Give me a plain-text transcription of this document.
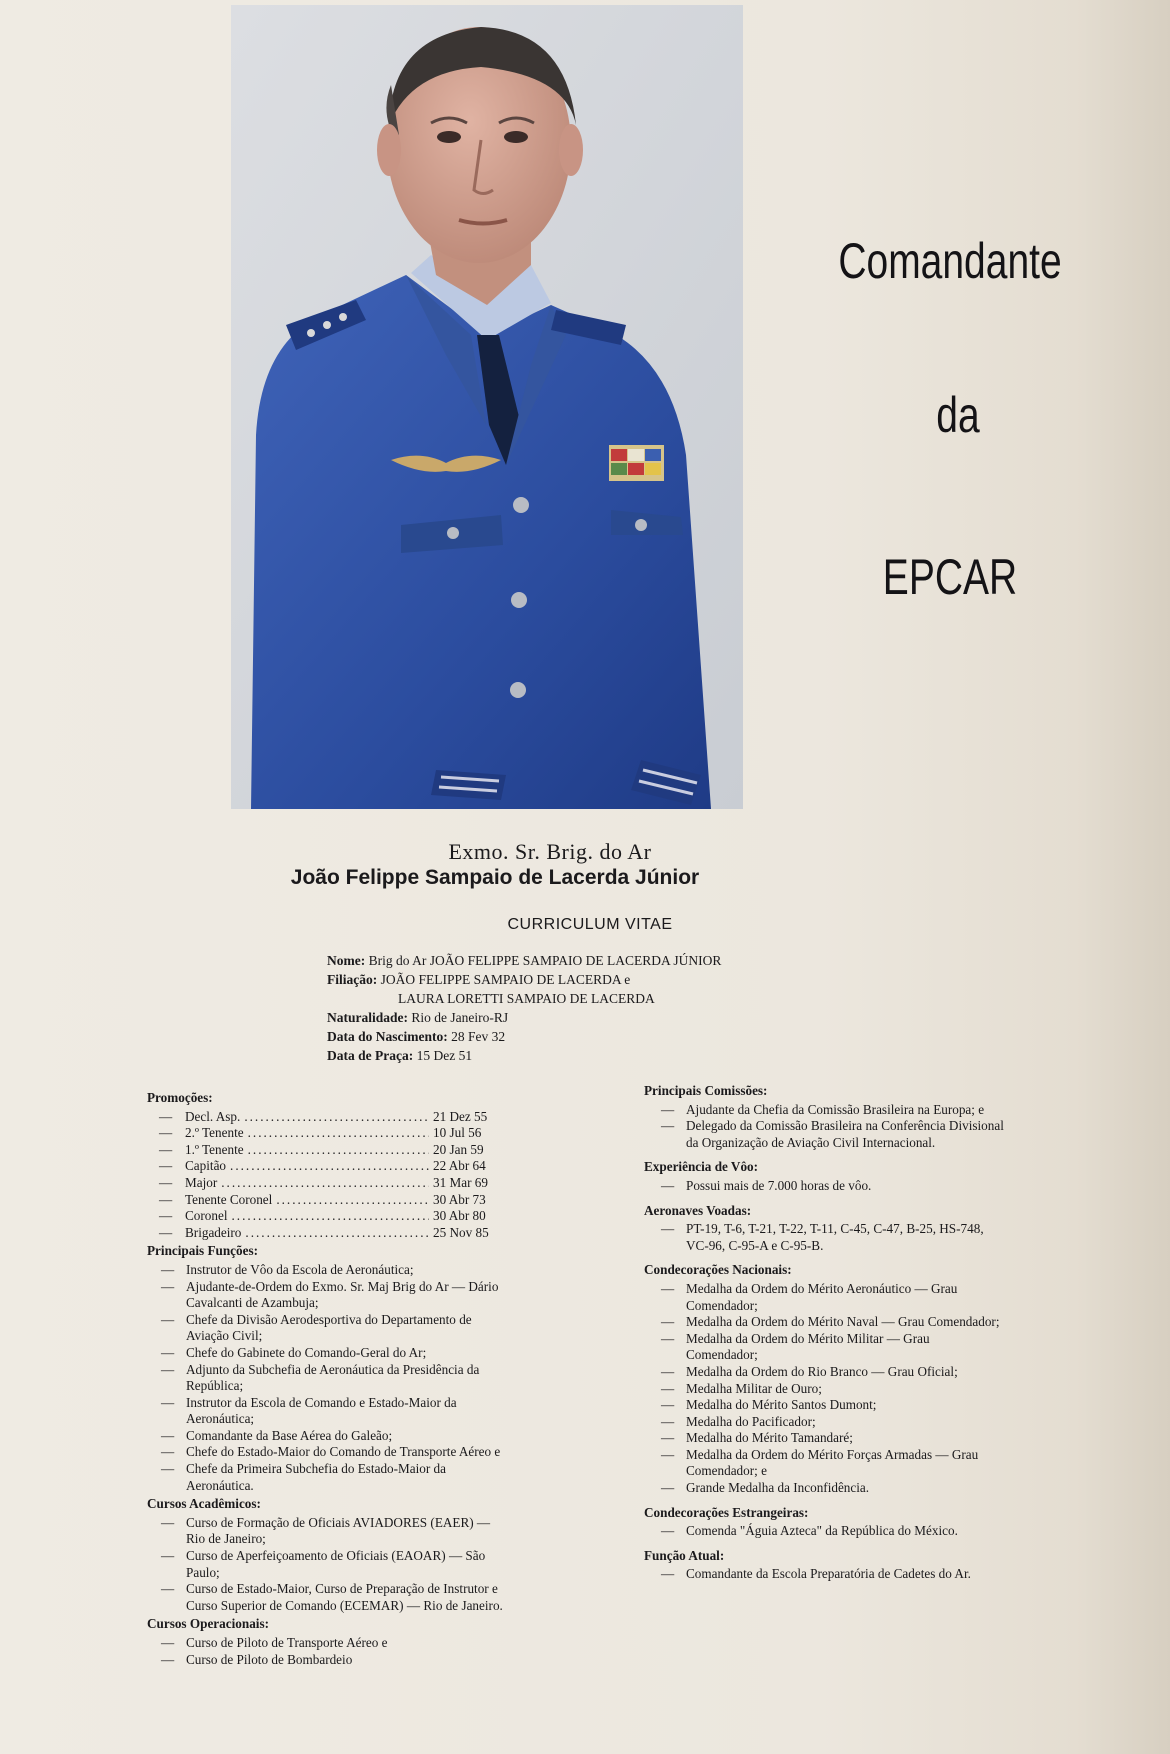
Comandante
da
EPCAR
Exmo. Sr. Brig. do Ar
João Felippe Sampaio de Lacerda Júnior
CURRICULUM VITAE
Nome: Brig do Ar JOÃO FELIPPE SAMPAIO DE LACERDA JÚNIOR
Filiação: JOÃO FELIPPE SAMPAIO DE LACERDA e
LAURA LORETTI SAMPAIO DE LACERDA
Naturalidade: Rio de Janeiro-RJ
Data do Nascimento: 28 Fev 32
Data de Praça: 15 Dez 51
Promoções:
— Decl. Asp. .....	21 Dez 55
— 2.º Tenente .....	10 Jul 56
— 1.º Tenente .....	20 Jan 59
— Capitão .....	22 Abr 64
— Major .....	31 Mar 69
— Tenente Coronel .....	30 Abr 73
— Coronel .....	30 Abr 80
— Brigadeiro .....	25 Nov 85
Principais Funções:
— Instrutor de Vôo da Escola de Aeronáutica;
— Ajudante-de-Ordem do Exmo. Sr. Maj Brig do Ar — Dário Cavalcanti de Azambuja;
— Chefe da Divisão Aerodesportiva do Departamento de Aviação Civil;
— Chefe do Gabinete do Comando-Geral do Ar;
— Adjunto da Subchefia de Aeronáutica da Presidência da República;
— Instrutor da Escola de Comando e Estado-Maior da Aeronáutica;
— Comandante da Base Aérea do Galeão;
— Chefe do Estado-Maior do Comando de Transporte Aéreo e
— Chefe da Primeira Subchefia do Estado-Maior da Aeronáutica.
Cursos Acadêmicos:
— Curso de Formação de Oficiais AVIADORES (EAER) — Rio de Janeiro;
— Curso de Aperfeiçoamento de Oficiais (EAOAR) — São Paulo;
— Curso de Estado-Maior, Curso de Preparação de Instrutor e Curso Superior de Comando (ECEMAR) — Rio de Janeiro.
Cursos Operacionais:
— Curso de Piloto de Transporte Aéreo e
— Curso de Piloto de Bombardeio
Principais Comissões:
— Ajudante da Chefia da Comissão Brasileira na Europa; e
— Delegado da Comissão Brasileira na Conferência Divisional da Organização de Aviação Civil Internacional.
Experiência de Vôo:
— Possui mais de 7.000 horas de vôo.
Aeronaves Voadas:
— PT-19, T-6, T-21, T-22, T-11, C-45, C-47, B-25, HS-748, VC-96, C-95-A e C-95-B.
Condecorações Nacionais:
— Medalha da Ordem do Mérito Aeronáutico — Grau Comendador;
— Medalha da Ordem do Mérito Naval — Grau Comendador;
— Medalha da Ordem do Mérito Militar — Grau Comendador;
— Medalha da Ordem do Rio Branco — Grau Oficial;
— Medalha Militar de Ouro;
— Medalha do Mérito Santos Dumont;
— Medalha do Pacificador;
— Medalha do Mérito Tamandaré;
— Medalha da Ordem do Mérito Forças Armadas — Grau Comendador; e
— Grande Medalha da Inconfidência.
Condecorações Estrangeiras:
— Comenda "Águia Azteca" da República do México.
Função Atual:
— Comandante da Escola Preparatória de Cadetes do Ar.
